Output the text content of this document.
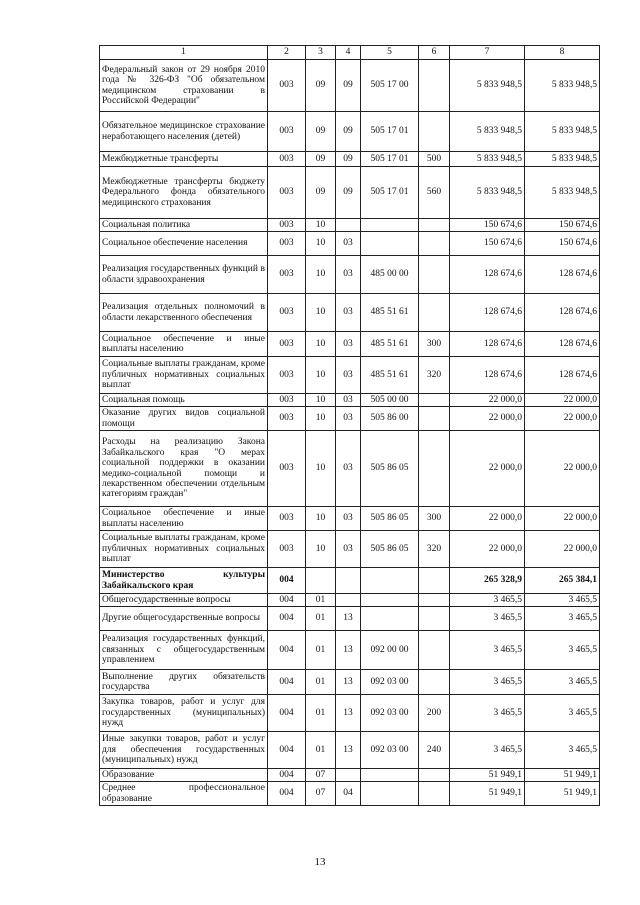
1	2	3	4	5	6	7	8
Федеральный закон от 29 ноября 2010 года № 326-ФЗ "Об обязательном медицинском страховании в Российской Федерации"	003	09	09	505 17 00		5 833 948,5	5 833 948,5
Обязательное медицинское страхование неработающего населения (детей)	003	09	09	505 17 01		5 833 948,5	5 833 948,5
Межбюджетные трансферты	003	09	09	505 17 01	500	5 833 948,5	5 833 948,5
Межбюджетные трансферты бюджету Федерального фонда обязательного медицинского страхования	003	09	09	505 17 01	560	5 833 948,5	5 833 948,5
Социальная политика	003	10				150 674,6	150 674,6
Социальное обеспечение населения	003	10	03			150 674,6	150 674,6
Реализация государственных функций в области здравоохранения	003	10	03	485 00 00		128 674,6	128 674,6
Реализация отдельных полномочий в области лекарственного обеспечения	003	10	03	485 51 61		128 674,6	128 674,6
Социальное обеспечение и иные выплаты населению	003	10	03	485 51 61	300	128 674,6	128 674,6
Социальные выплаты гражданам, кроме публичных нормативных социальных выплат	003	10	03	485 51 61	320	128 674,6	128 674,6
Социальная помощь	003	10	03	505 00 00		22 000,0	22 000,0
Оказание других видов социальной помощи	003	10	03	505 86 00		22 000,0	22 000,0
Расходы на реализацию Закона Забайкальского края "О мерах социальной поддержки в оказании медико-социальной помощи и лекарственном обеспечении отдельным категориям граждан"	003	10	03	505 86 05		22 000,0	22 000,0
Социальное обеспечение и иные выплаты населению	003	10	03	505 86 05	300	22 000,0	22 000,0
Социальные выплаты гражданам, кроме публичных нормативных социальных выплат	003	10	03	505 86 05	320	22 000,0	22 000,0
Министерство культуры Забайкальского края	004					265 328,9	265 384,1
Общегосударственные вопросы	004	01				3 465,5	3 465,5
Другие общегосударственные вопросы	004	01	13			3 465,5	3 465,5
Реализация государственных функций, связанных с общегосударственным управлением	004	01	13	092 00 00		3 465,5	3 465,5
Выполнение других обязательств государства	004	01	13	092 03 00		3 465,5	3 465,5
Закупка товаров, работ и услуг для государственных (муниципальных) нужд	004	01	13	092 03 00	200	3 465,5	3 465,5
Иные закупки товаров, работ и услуг для обеспечения государственных (муниципальных) нужд	004	01	13	092 03 00	240	3 465,5	3 465,5
Образование	004	07				51 949,1	51 949,1
Среднее профессиональное образование	004	07	04			51 949,1	51 949,1
13
